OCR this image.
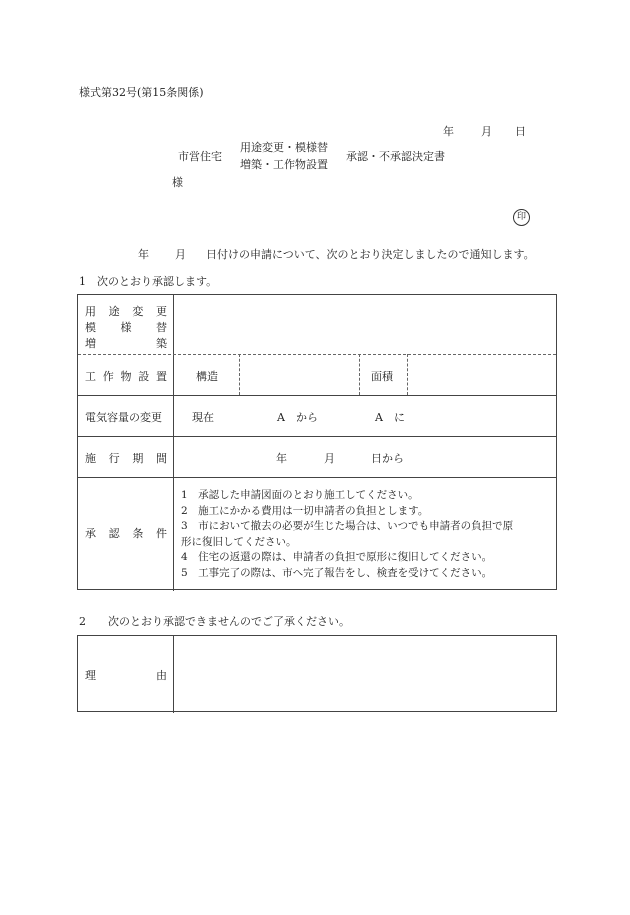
様式第32号(第15条関係)
年 月 日
市営住宅
用途変更・模様替
増築・工作物設置
承認・不承認決定書
様
印
年 月 日付けの申請について、次のとおり決定しましたので通知します。
1　次のとおり承認します。
用 途 変 更
模 様 替
増	築
工 作 物 設 置	構造	面積
電気容量の変更	現在	A　から	A　に
施 行 期 間	年	月	日から
承 認 条 件
1　承認した申請図面のとおり施工してください。
2　施工にかかる費用は一切申請者の負担とします。
3　市において撤去の必要が生じた場合は、いつでも申請者の負担で原
形に復旧してください。
4　住宅の返還の際は、申請者の負担で原形に復旧してください。
5　工事完了の際は、市へ完了報告をし、検査を受けてください。
2　　次のとおり承認できませんのでご了承ください。
理	由
